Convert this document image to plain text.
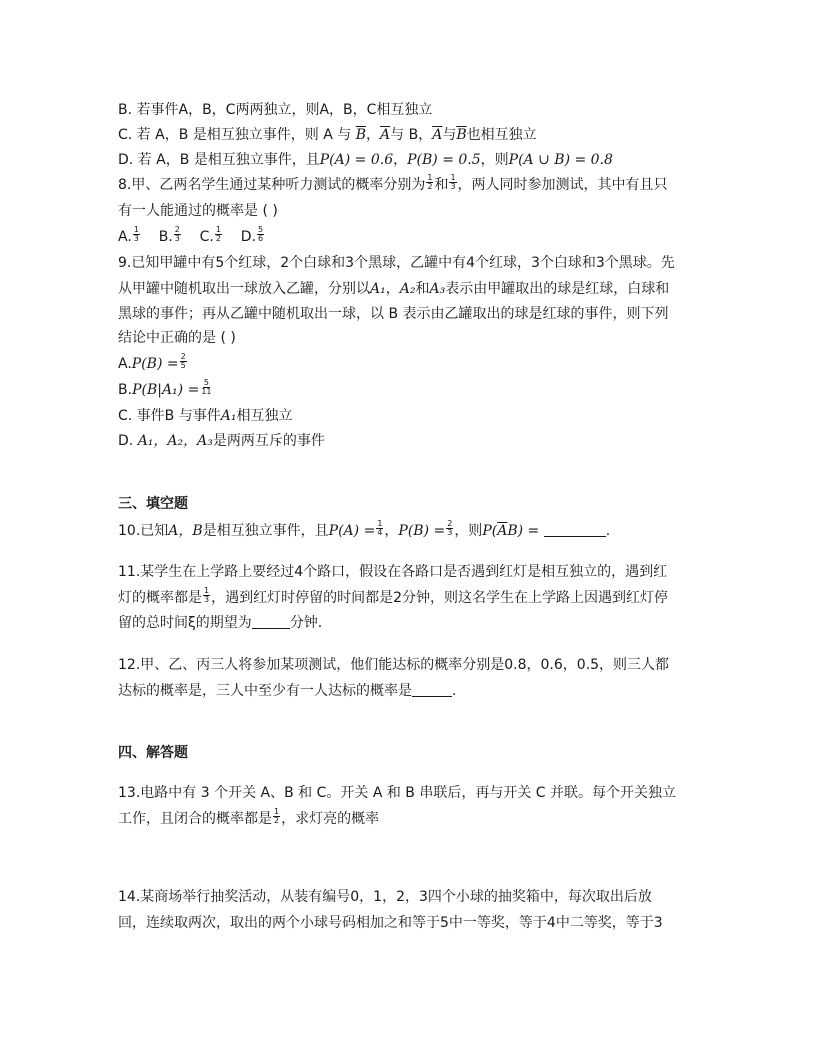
B. 若事件A，B，C两两独立，则A，B，C相互独立
C. 若 A，B 是相互独立事件，则 A 与 $\overline{B}$，$\overline{A}$与 B，$\overline{A}$与$\overline{B}$也相互独立
D. 若 A，B 是相互独立事件，且P(A) = 0.6，P(B) = 0.5，则P(A ∪ B) = 0.8
8.甲、乙两名学生通过某种听力测试的概率分别为 $\frac{1}{2}$ 和 $\frac{1}{3}$ ，两人同时参加测试，其中有且只
有一人能通过的概率是 ( )
A. $\frac{1}{3} B$. $\frac{2}{3} C$. $\frac{1}{2} D$. $\frac{5}{6}$
9.已知甲罐中有5个红球，2个白球和3个黑球，乙罐中有4个红球，3个白球和3个黑球。先
从甲罐中随机取出一球放入乙罐，分别以A₁，A₂和A₃表示由甲罐取出的球是红球，白球和
黑球的事件；再从乙罐中随机取出一球，以 B 表示由乙罐取出的球是红球的事件，则下列
结论中正确的是 ( )
$A.P(B) = \frac{2}{5}$
$B.P(B|A_1) = \frac{5}{11}$
C. 事件B 与事件A₁相互独立
D. A₁，A₂，A₃是两两互斥的事件
三、填空题
10.已知A，B是相互独立事件，且$P(A) = \frac{1}{4}$ ，$P(B) = \frac{2}{3}$ ，则$P(\overline{A}B)$ =	.
11.某学生在上学路上要经过4个路口，假设在各路口是否遇到红灯是相互独立的，遇到红
灯的概率都是 $\frac{1}{3}$ ，遇到红灯时停留的时间都是2分钟，则这名学生在上学路上因遇到红灯停
留的总时间ξ的期望为	分钟.
12.甲、乙、丙三人将参加某项测试，他们能达标的概率分别是0.8，0.6，0.5，则三人都
达标的概率是，三人中至少有一人达标的概率是	.
四、解答题
13.电路中有 3 个开关 A、B 和 C。开关 A 和 B 串联后，再与开关 C 并联。每个开关独立
工作，且闭合的概率都是 $\frac{1}{2}$ ，求灯亮的概率
14.某商场举行抽奖活动，从装有编号0，1，2，3四个小球的抽奖箱中，每次取出后放
回，连续取两次，取出的两个小球号码相加之和等于5中一等奖，等于4中二等奖，等于3
